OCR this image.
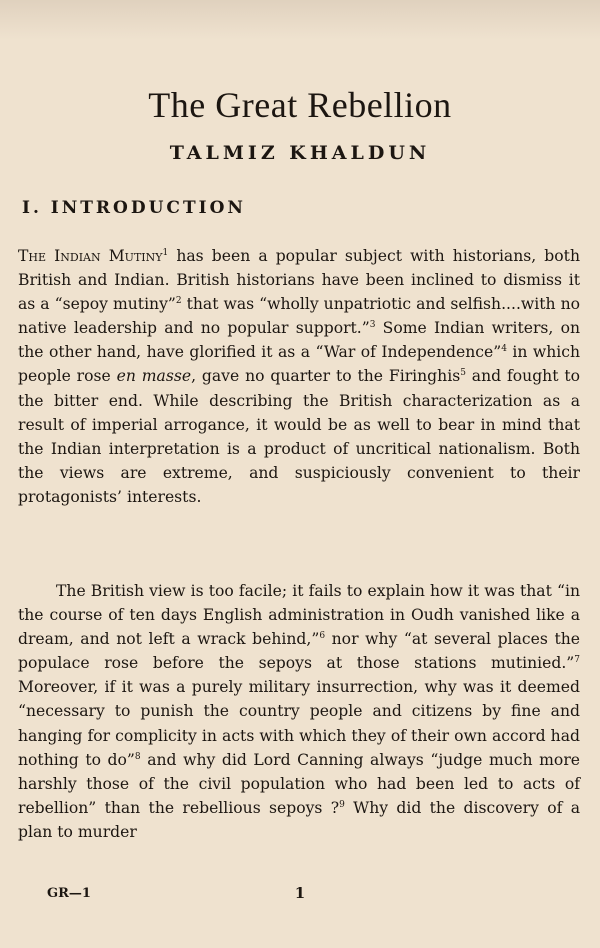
The Great Rebellion
TALMIZ KHALDUN
I. INTRODUCTION

The Indian Mutiny$^1$ has been a popular subject with historians, both British and Indian. British historians have been inclined to dismiss it as a “sepoy mutiny”$^2$ that was “wholly unpatriotic and selfish....with no native leadership and no popular support.”$^3$ Some Indian writers, on the other hand, have glorified it as a “War of Independence”$^4$ in which people rose en masse, gave no quarter to the Firinghis$^5$ and fought to the bitter end. While describing the British characterization as a result of imperial arrogance, it would be as well to bear in mind that the Indian interpretation is a product of uncritical nationalism. Both the views are extreme, and suspiciously convenient to their protagonists’ interests.

The British view is too facile; it fails to explain how it was that “in the course of ten days English administration in Oudh vanished like a dream, and not left a wrack behind,”$^6$ nor why “at several places the populace rose before the sepoys at those stations mutinied.”$^7$ Moreover, if it was a purely military insurrection, why was it deemed “necessary to punish the country people and citizens by fine and hanging for complicity in acts with which they of their own accord had nothing to do”$^8$ and why did Lord Canning always “judge much more harshly those of the civil population who had been led to acts of rebellion” than the rebellious sepoys ?$^9$ Why did the discovery of a plan to murder

GR—1	1
